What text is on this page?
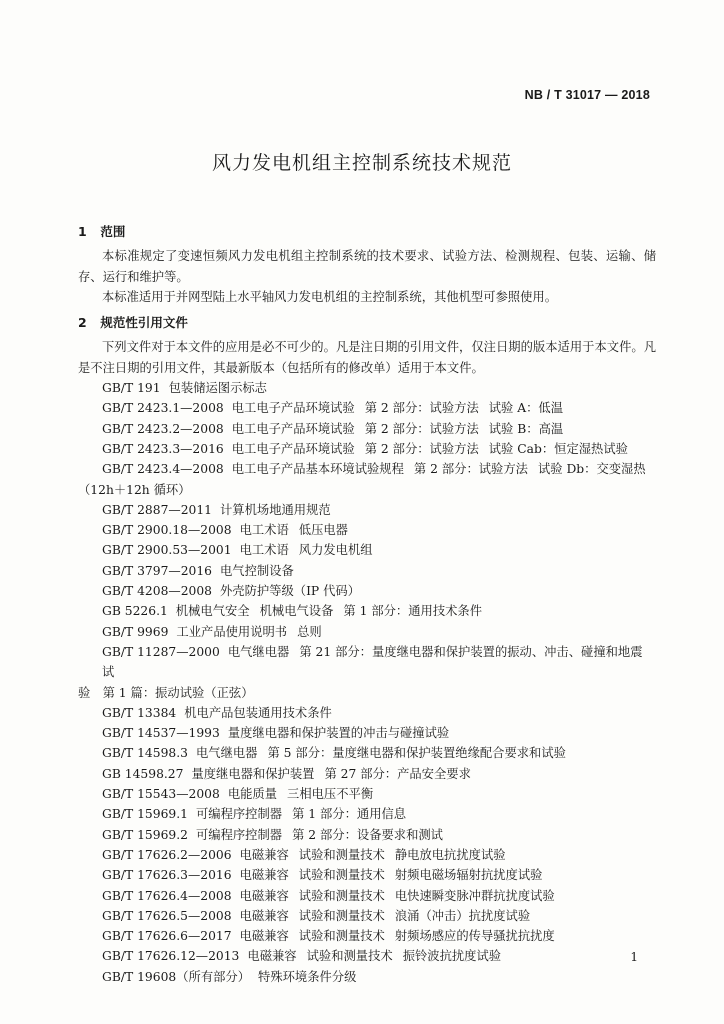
NB / T 31017 — 2018
风力发电机组主控制系统技术规范
1 范围

本标准规定了变速恒频风力发电机组主控制系统的技术要求、试验方法、检测规程、包装、运输、储存、运行和维护等。

本标准适用于并网型陆上水平轴风力发电机组的主控制系统，其他机型可参照使用。

2 规范性引用文件

下列文件对于本文件的应用是必不可少的。凡是注日期的引用文件，仅注日期的版本适用于本文件。凡是不注日期的引用文件，其最新版本（包括所有的修改单）适用于本文件。

GB/T 191 包装储运图示标志
GB/T 2423.1—2008 电工电子产品环境试验 第 2 部分：试验方法 试验 A：低温
GB/T 2423.2—2008 电工电子产品环境试验 第 2 部分：试验方法 试验 B：高温
GB/T 2423.3—2016 电工电子产品环境试验 第 2 部分：试验方法 试验 Cab：恒定湿热试验
GB/T 2423.4—2008 电工电子产品基本环境试验规程 第 2 部分：试验方法 试验 Db：交变湿热
（12h＋12h 循环）
GB/T 2887—2011 计算机场地通用规范
GB/T 2900.18—2008 电工术语 低压电器
GB/T 2900.53—2001 电工术语 风力发电机组
GB/T 3797—2016 电气控制设备
GB/T 4208—2008 外壳防护等级（IP 代码）
GB 5226.1 机械电气安全 机械电气设备 第 1 部分：通用技术条件
GB/T 9969 工业产品使用说明书 总则
GB/T 11287—2000 电气继电器 第 21 部分：量度继电器和保护装置的振动、冲击、碰撞和地震试
验　第 1 篇：振动试验（正弦）
GB/T 13384 机电产品包装通用技术条件
GB/T 14537—1993 量度继电器和保护装置的冲击与碰撞试验
GB/T 14598.3 电气继电器 第 5 部分：量度继电器和保护装置绝缘配合要求和试验
GB 14598.27 量度继电器和保护装置 第 27 部分：产品安全要求
GB/T 15543—2008 电能质量 三相电压不平衡
GB/T 15969.1 可编程序控制器 第 1 部分：通用信息
GB/T 15969.2 可编程序控制器 第 2 部分：设备要求和测试
GB/T 17626.2—2006 电磁兼容 试验和测量技术 静电放电抗扰度试验
GB/T 17626.3—2016 电磁兼容 试验和测量技术 射频电磁场辐射抗扰度试验
GB/T 17626.4—2008 电磁兼容 试验和测量技术 电快速瞬变脉冲群抗扰度试验
GB/T 17626.5—2008 电磁兼容 试验和测量技术 浪涌（冲击）抗扰度试验
GB/T 17626.6—2017 电磁兼容 试验和测量技术 射频场感应的传导骚扰抗扰度
GB/T 17626.12—2013 电磁兼容 试验和测量技术 振铃波抗扰度试验
GB/T 19608（所有部分） 特殊环境条件分级
1
